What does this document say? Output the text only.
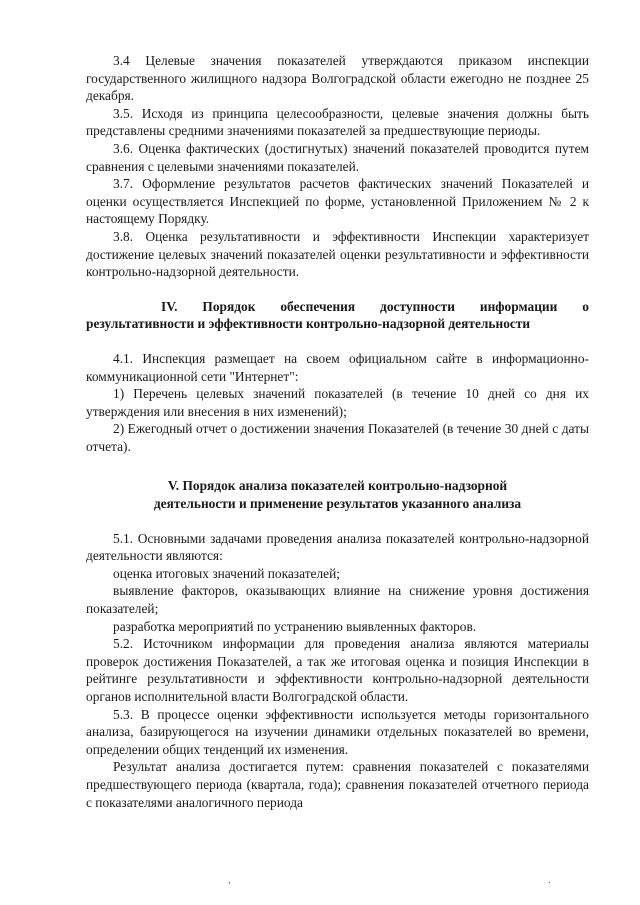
3.4 Целевые значения показателей утверждаются приказом инспекции государственного жилищного надзора Волгоградской области ежегодно не позднее 25 декабря.

3.5. Исходя из принципа целесообразности, целевые значения должны быть представлены средними значениями показателей за предшествующие периоды.

3.6. Оценка фактических (достигнутых) значений показателей проводится путем сравнения с целевыми значениями показателей.

3.7. Оформление результатов расчетов фактических значений Показателей и оценки осуществляется Инспекцией по форме, установленной Приложением № 2 к настоящему Порядку.

3.8. Оценка результативности и эффективности Инспекции характеризует достижение целевых значений показателей оценки результативности и эффективности контрольно-надзорной деятельности.

IV. Порядок обеспечения доступности информации о результативности и эффективности контрольно-надзорной деятельности

4.1. Инспекция размещает на своем официальном сайте в информационно-коммуникационной сети "Интернет":

1) Перечень целевых значений показателей (в течение 10 дней со дня их утверждения или внесения в них изменений);

2) Ежегодный отчет о достижении значения Показателей (в течение 30 дней с даты отчета).

V. Порядок анализа показателей контрольно-надзорной
деятельности и применение результатов указанного анализа

5.1. Основными задачами проведения анализа показателей контрольно-надзорной деятельности являются:

оценка итоговых значений показателей;

выявление факторов, оказывающих влияние на снижение уровня достижения показателей;

разработка мероприятий по устранению выявленных факторов.

5.2. Источником информации для проведения анализа являются материалы проверок достижения Показателей, а так же итоговая оценка и позиция Инспекции в рейтинге результативности и эффективности контрольно-надзорной деятельности органов исполнительной власти Волгоградской области.

5.3. В процессе оценки эффективности используется методы горизонтального анализа, базирующегося на изучении динамики отдельных показателей во времени, определении общих тенденций их изменения.

Результат анализа достигается путем: сравнения показателей с показателями предшествующего периода (квартала, года); сравнения показателей отчетного периода с показателями аналогичного периода

,	.
